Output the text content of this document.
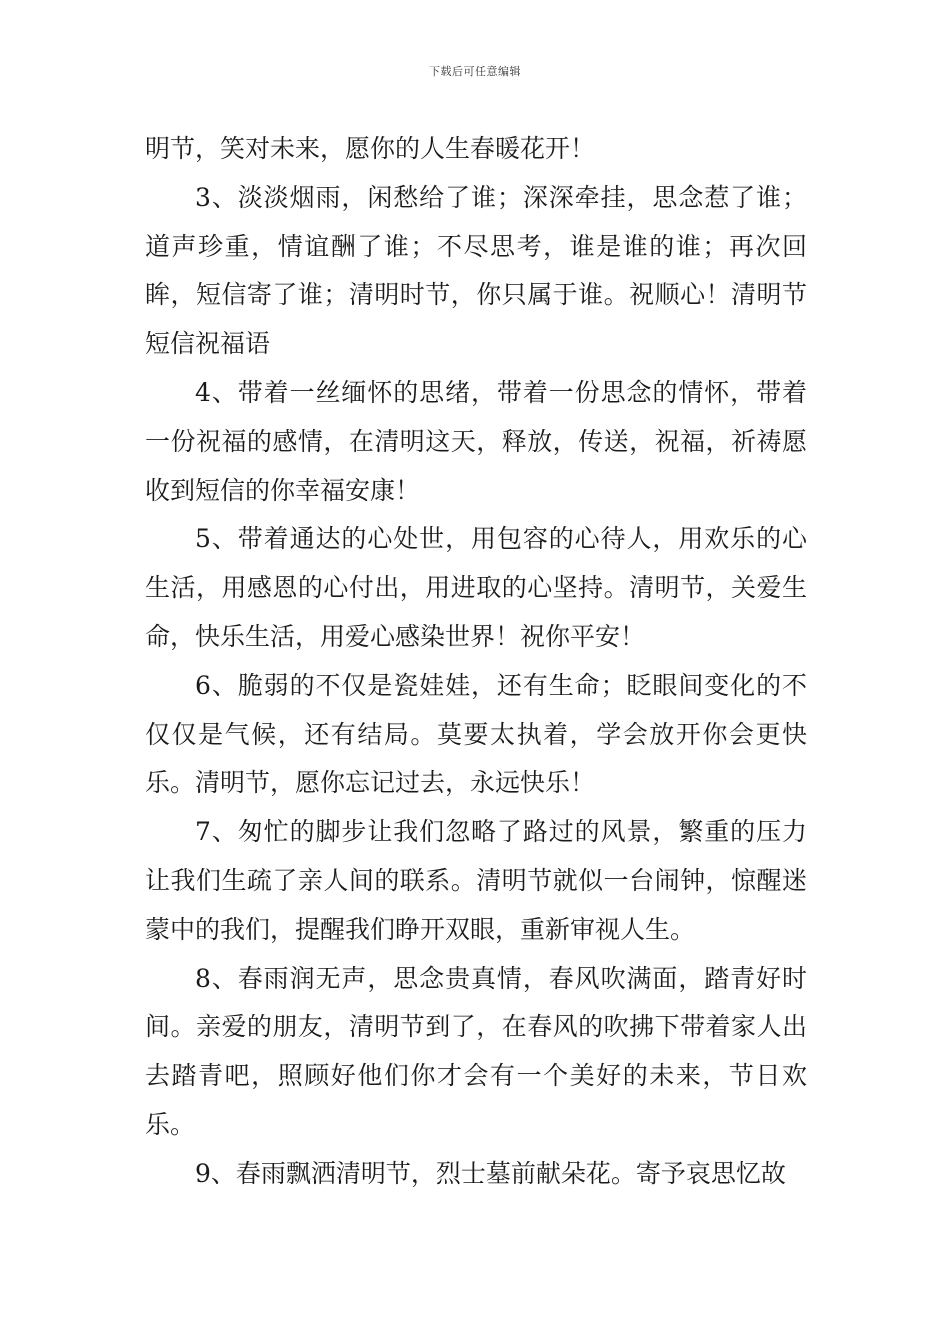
下载后可任意编辑

明节，笑对未来，愿你的人生春暖花开！

3、淡淡烟雨，闲愁给了谁；深深牵挂，思念惹了谁；道声珍重，情谊酬了谁；不尽思考，谁是谁的谁；再次回眸，短信寄了谁；清明时节，你只属于谁。祝顺心！清明节短信祝福语

4、带着一丝缅怀的思绪，带着一份思念的情怀，带着一份祝福的感情，在清明这天，释放，传送，祝福，祈祷愿收到短信的你幸福安康！

5、带着通达的心处世，用包容的心待人，用欢乐的心生活，用感恩的心付出，用进取的心坚持。清明节，关爱生命，快乐生活，用爱心感染世界！祝你平安！

6、脆弱的不仅是瓷娃娃，还有生命；眨眼间变化的不仅仅是气候，还有结局。莫要太执着，学会放开你会更快乐。清明节，愿你忘记过去，永远快乐！

7、匆忙的脚步让我们忽略了路过的风景，繁重的压力让我们生疏了亲人间的联系。清明节就似一台闹钟，惊醒迷蒙中的我们，提醒我们睁开双眼，重新审视人生。

8、春雨润无声，思念贵真情，春风吹满面，踏青好时间。亲爱的朋友，清明节到了，在春风的吹拂下带着家人出去踏青吧，照顾好他们你才会有一个美好的未来，节日欢乐。

9、春雨飘洒清明节，烈士墓前献朵花。寄予哀思忆故
